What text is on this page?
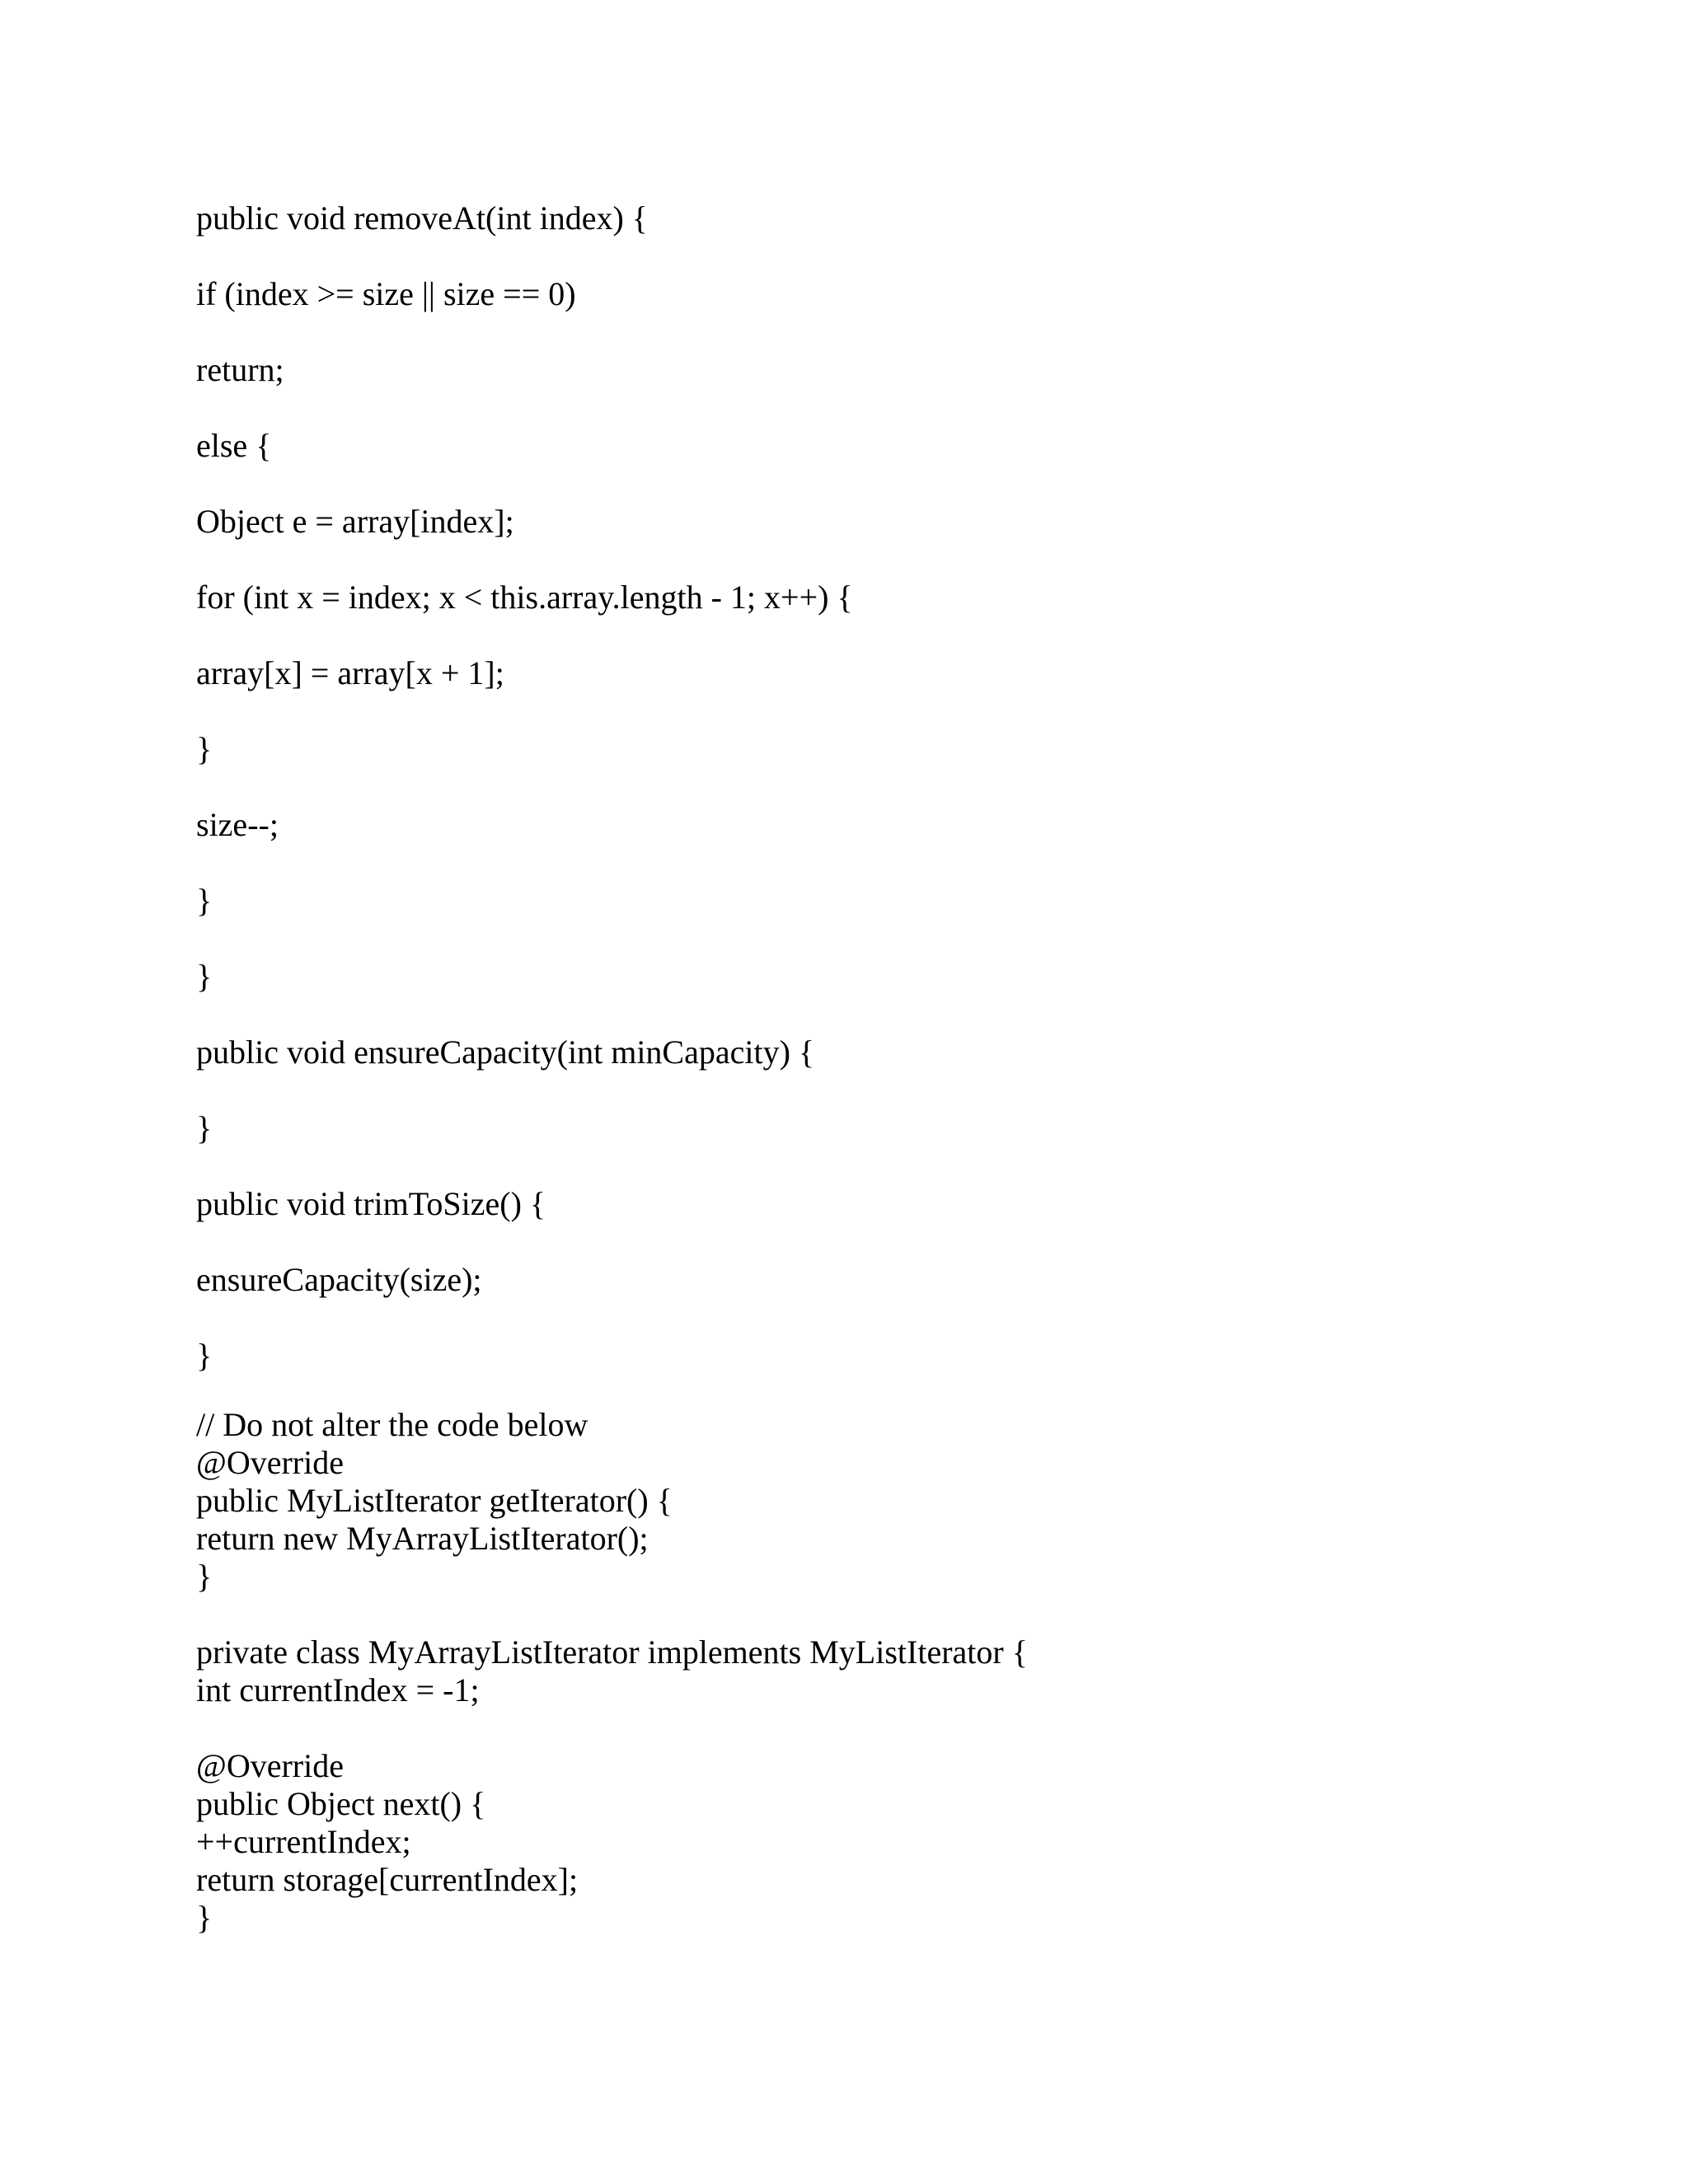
public void removeAt(int index) {
if (index >= size || size == 0)
return;
else {
Object e = array[index];
for (int x = index; x < this.array.length - 1; x++) {
array[x] = array[x + 1];
}
size--;
}
}
public void ensureCapacity(int minCapacity) {
}
public void trimToSize() {
ensureCapacity(size);
}
// Do not alter the code below
@Override
public MyListIterator getIterator() {
return new MyArrayListIterator();
}
private class MyArrayListIterator implements MyListIterator {
int currentIndex = -1;
@Override
public Object next() {
++currentIndex;
return storage[currentIndex];
}
